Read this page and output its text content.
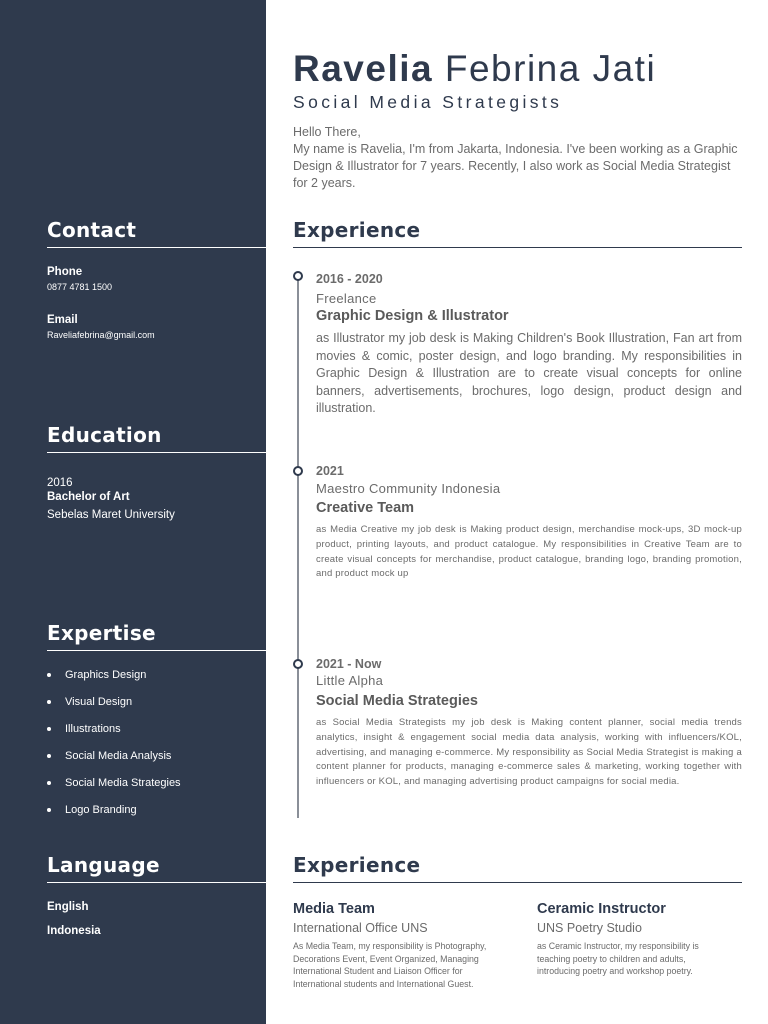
Contact
Phone
0877 4781 1500
Email
Raveliafebrina@gmail.com
Education
2016
Bachelor of Art
Sebelas Maret University
Expertise
Graphics Design
Visual Design
Illustrations
Social Media Analysis
Social Media Strategies
Logo Branding
Language
English
Indonesia
Ravelia Febrina Jati
Social Media Strategists

Hello There,

My name is Ravelia, I'm from Jakarta, Indonesia. I've been working as a Graphic Design & Illustrator for 7 years. Recently, I also work as Social Media Strategist for 2 years.

Experience
2016 - 2020
Freelance
Graphic Design & Illustrator
as Illustrator my job desk is Making Children's Book Illustration, Fan art from movies & comic, poster design, and logo branding. My responsibilities in Graphic Design & Illustration are to create visual concepts for online banners, advertisements, brochures, logo design, product design and illustration.
2021
Maestro Community Indonesia
Creative Team
as Media Creative my job desk is Making product design, merchandise mock-ups, 3D mock-up product, printing layouts, and product catalogue. My responsibilities in Creative Team are to create visual concepts for merchandise, product catalogue, branding logo, branding promotion, and product mock up
2021 - Now
Little Alpha
Social Media Strategies
as Social Media Strategists my job desk is Making content planner, social media trends analytics, insight & engagement social media data analysis, working with influencers/KOL, advertising, and managing e-commerce. My responsibility as Social Media Strategist is making a content planner for products, managing e-commerce sales & marketing, working together with influencers or KOL, and managing advertising product campaigns for social media.
Experience
Media Team
International Office UNS
As Media Team, my responsibility is Photography, Decorations Event, Event Organized, Managing International Student and Liaison Officer for International students and International Guest.
Ceramic Instructor
UNS Poetry Studio
as Ceramic Instructor, my responsibility is teaching poetry to children and adults, introducing poetry and workshop poetry.
